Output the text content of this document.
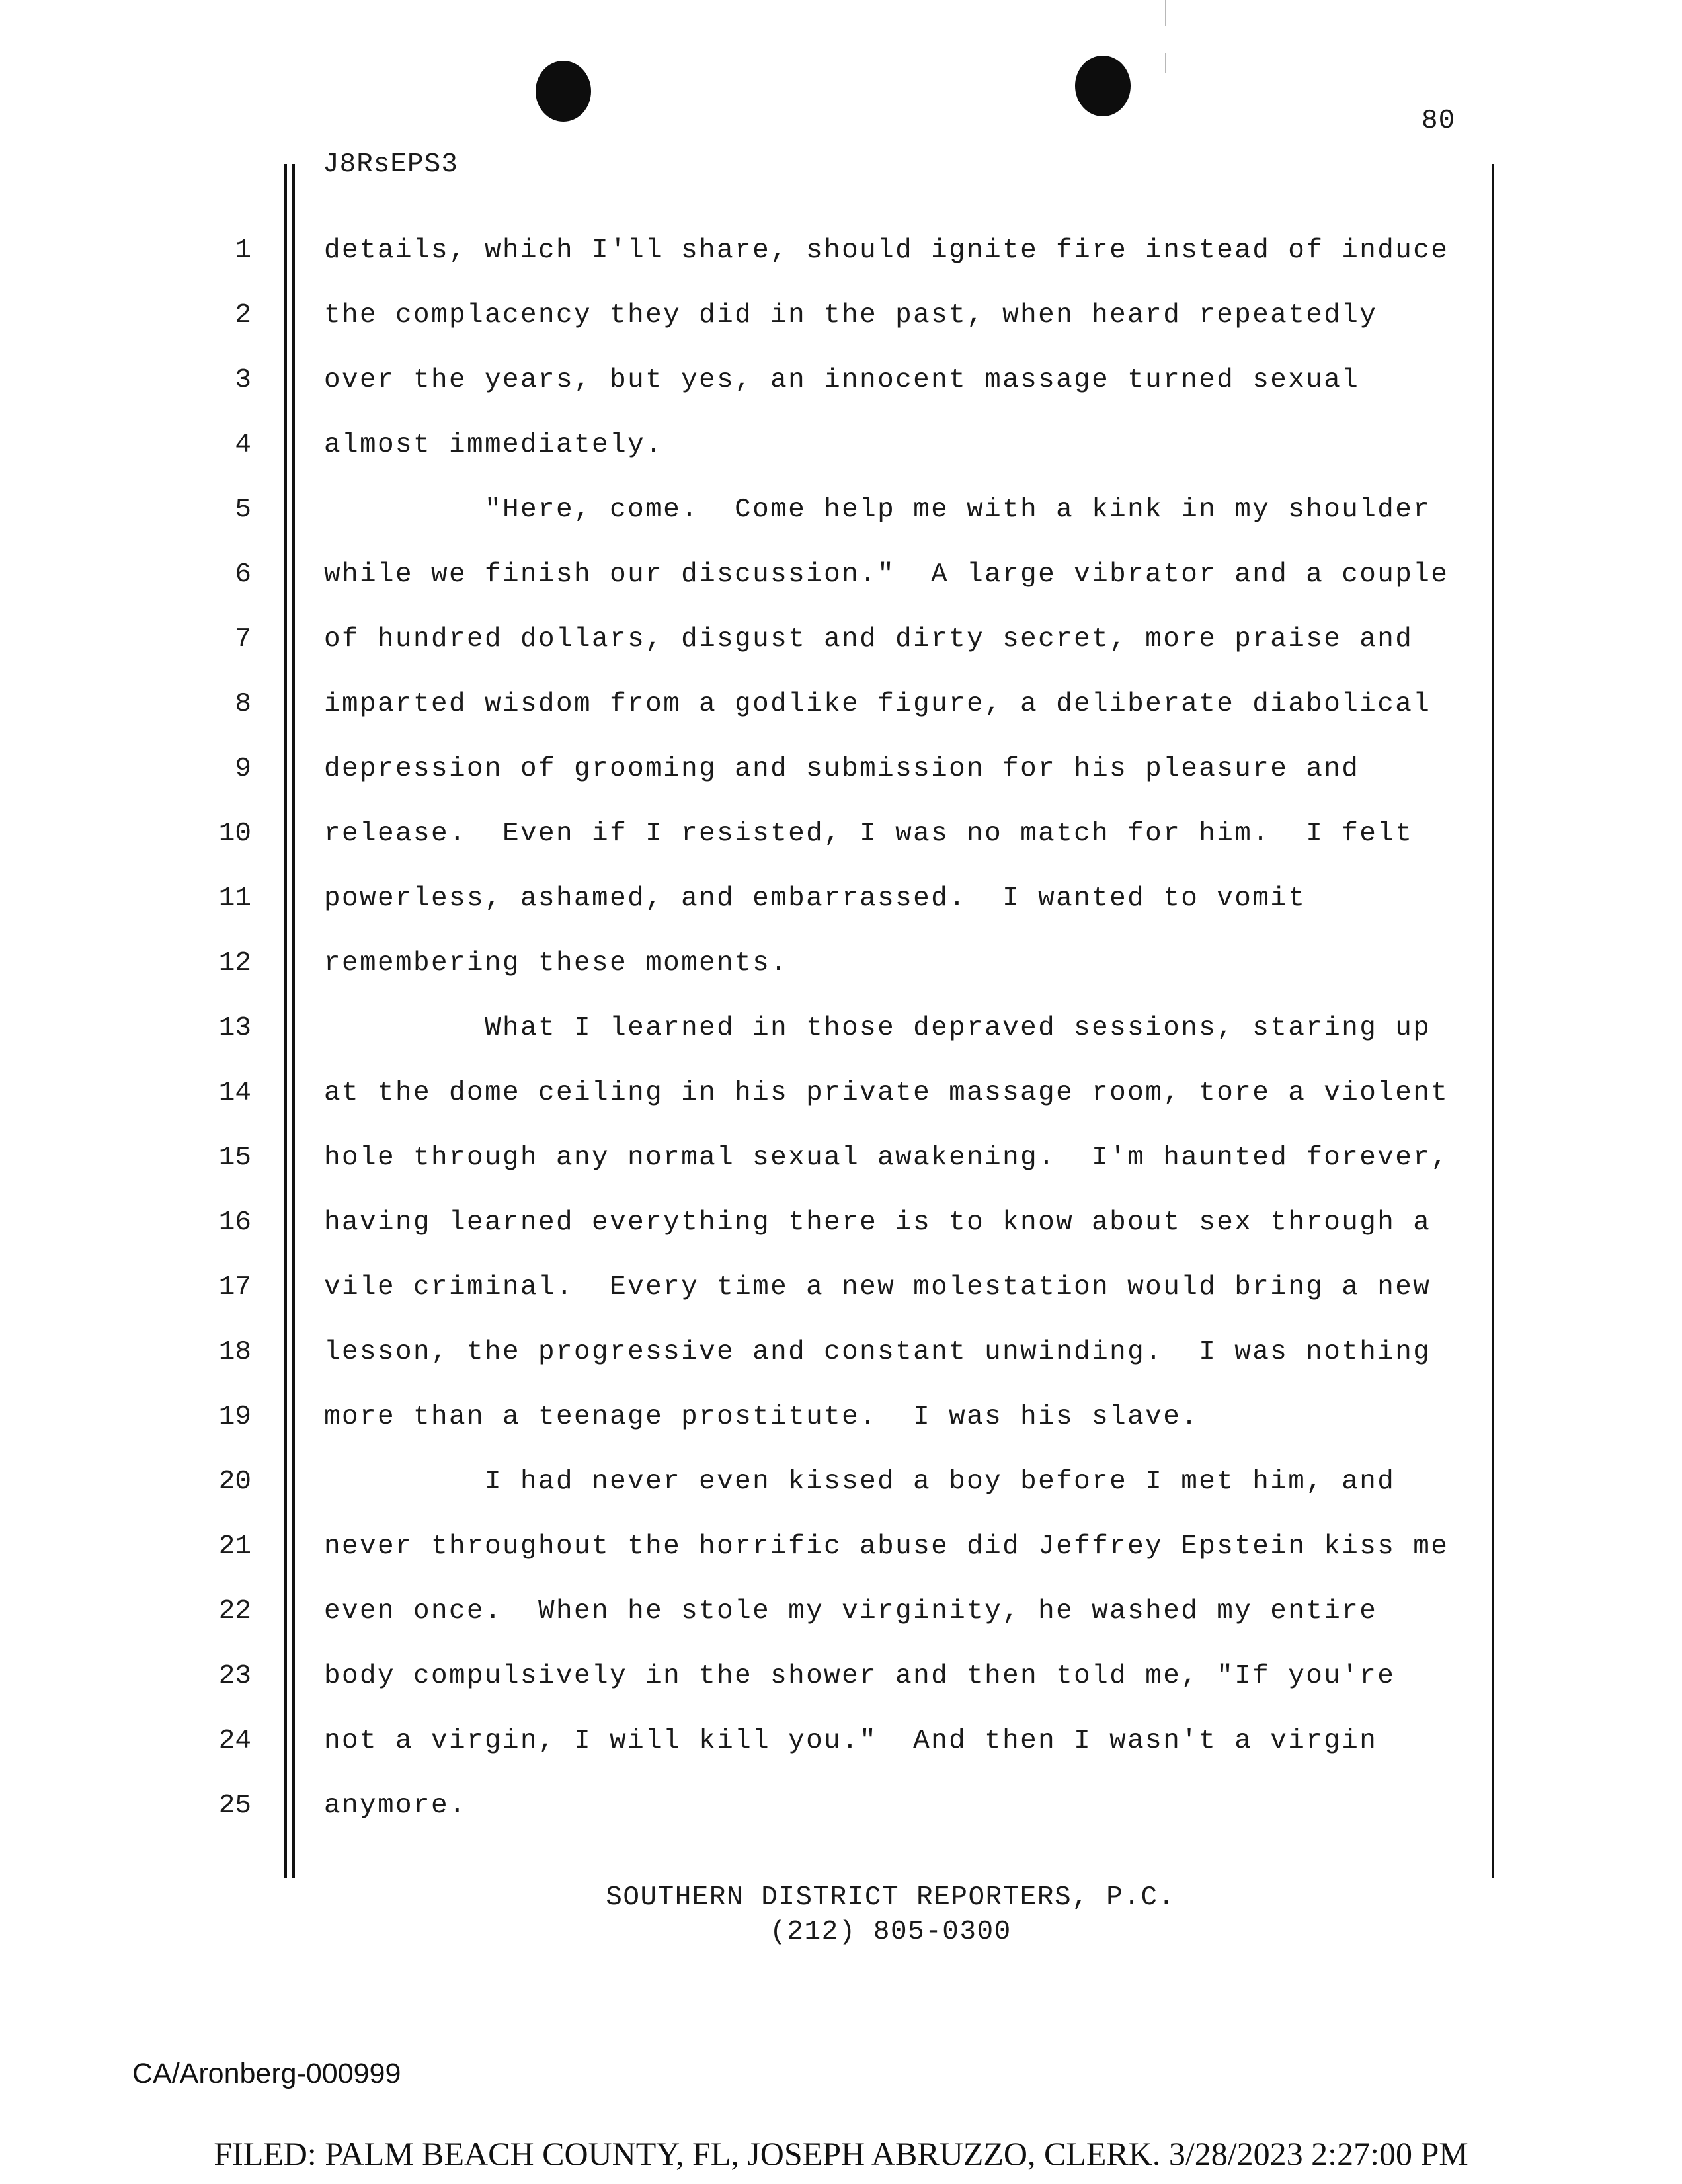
80
J8RsEPS3
1	details, which I'll share, should ignite fire instead of induce
2	the complacency they did in the past, when heard repeatedly
3	over the years, but yes, an innocent massage turned sexual
4	almost immediately.
5	"Here, come.  Come help me with a kink in my shoulder
6	while we finish our discussion."  A large vibrator and a couple
7	of hundred dollars, disgust and dirty secret, more praise and
8	imparted wisdom from a godlike figure, a deliberate diabolical
9	depression of grooming and submission for his pleasure and
10	release.  Even if I resisted, I was no match for him.  I felt
11	powerless, ashamed, and embarrassed.  I wanted to vomit
12	remembering these moments.
13	What I learned in those depraved sessions, staring up
14	at the dome ceiling in his private massage room, tore a violent
15	hole through any normal sexual awakening.  I'm haunted forever,
16	having learned everything there is to know about sex through a
17	vile criminal.  Every time a new molestation would bring a new
18	lesson, the progressive and constant unwinding.  I was nothing
19	more than a teenage prostitute.  I was his slave.
20	I had never even kissed a boy before I met him, and
21	never throughout the horrific abuse did Jeffrey Epstein kiss me
22	even once.  When he stole my virginity, he washed my entire
23	body compulsively in the shower and then told me, "If you're
24	not a virgin, I will kill you."  And then I wasn't a virgin
25	anymore.
SOUTHERN DISTRICT REPORTERS, P.C.
(212) 805-0300
CA/Aronberg-000999
FILED: PALM BEACH COUNTY, FL, JOSEPH ABRUZZO, CLERK. 3/28/2023 2:27:00 PM
